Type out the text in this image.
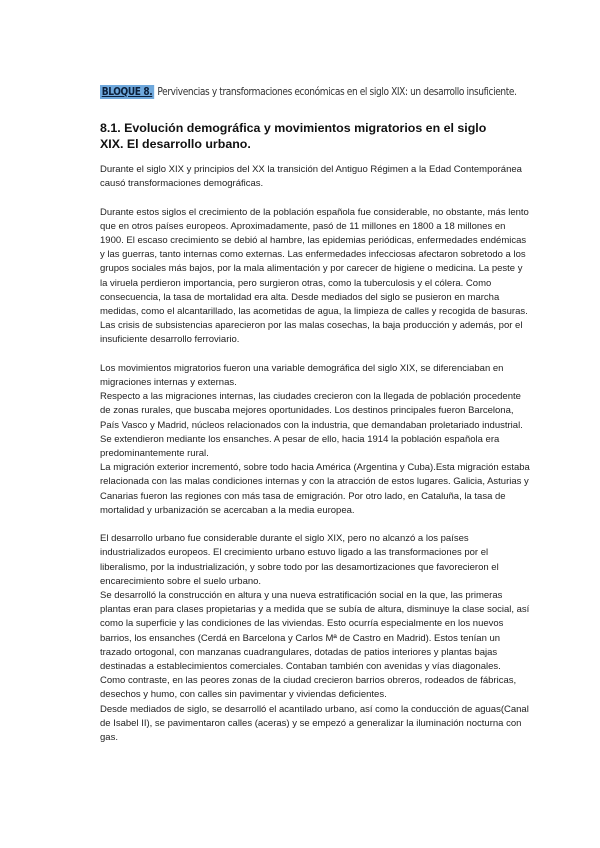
BLOQUE 8. Pervivencias y transformaciones económicas en el siglo XIX: un desarrollo insuficiente.
8.1. Evolución demográfica y movimientos migratorios en el siglo XIX. El desarrollo urbano.

Durante el siglo XIX y principios del XX la transición del Antiguo Régimen a la Edad Contemporánea causó transformaciones demográficas.

Durante estos siglos el crecimiento de la población española fue considerable, no obstante, más lento que en otros países europeos. Aproximadamente, pasó de 11 millones en 1800 a 18 millones en 1900. El escaso crecimiento se debió al hambre, las epidemias periódicas, enfermedades endémicas y las guerras, tanto internas como externas. Las enfermedades infecciosas afectaron sobretodo a los grupos sociales más bajos, por la mala alimentación y por carecer de higiene o medicina. La peste y la viruela perdieron importancia, pero surgieron otras, como la tuberculosis y el cólera. Como consecuencia, la tasa de mortalidad era alta. Desde mediados del siglo se pusieron en marcha medidas, como el alcantarillado, las acometidas de agua, la limpieza de calles y recogida de basuras. Las crisis de subsistencias aparecieron por las malas cosechas, la baja producción y además, por el insuficiente desarrollo ferroviario.

Los movimientos migratorios fueron una variable demográfica del siglo XIX, se diferenciaban en migraciones internas y externas.

Respecto a las migraciones internas, las ciudades crecieron con la llegada de población procedente de zonas rurales, que buscaba mejores oportunidades. Los destinos principales fueron Barcelona, País Vasco y Madrid, núcleos relacionados con la industria, que demandaban proletariado industrial. Se extendieron mediante los ensanches. A pesar de ello, hacia 1914 la población española era predominantemente rural.

La migración exterior incrementó, sobre todo hacia América (Argentina y Cuba).Esta migración estaba

relacionada con las malas condiciones internas y con la atracción de estos lugares. Galicia, Asturias y Canarias fueron las regiones con más tasa de emigración. Por otro lado, en Cataluña, la tasa de mortalidad y urbanización se acercaban a la media europea.

El desarrollo urbano fue considerable durante el siglo XIX, pero no alcanzó a los países industrializados europeos. El crecimiento urbano estuvo ligado a las transformaciones por el liberalismo, por la industrialización, y sobre todo por las desamortizaciones que favorecieron el encarecimiento sobre el suelo urbano.

Se desarrolló la construcción en altura y una nueva estratificación social en la que, las primeras plantas eran para clases propietarias y a medida que se subía de altura, disminuye la clase social, así como la superficie y las condiciones de las viviendas. Esto ocurría especialmente en los nuevos barrios, los ensanches (Cerdá en Barcelona y Carlos Mª de Castro en Madrid). Estos tenían un trazado ortogonal, con manzanas cuadrangulares, dotadas de patios interiores y plantas bajas destinadas a establecimientos comerciales. Contaban también con avenidas y vías diagonales.

Como contraste, en las peores zonas de la ciudad crecieron barrios obreros, rodeados de fábricas, desechos y humo, con calles sin pavimentar y viviendas deficientes.

Desde mediados de siglo, se desarrolló el acantilado urbano, así como la conducción de aguas(Canal de Isabel II), se pavimentaron calles (aceras) y se empezó a generalizar la iluminación nocturna con gas.
